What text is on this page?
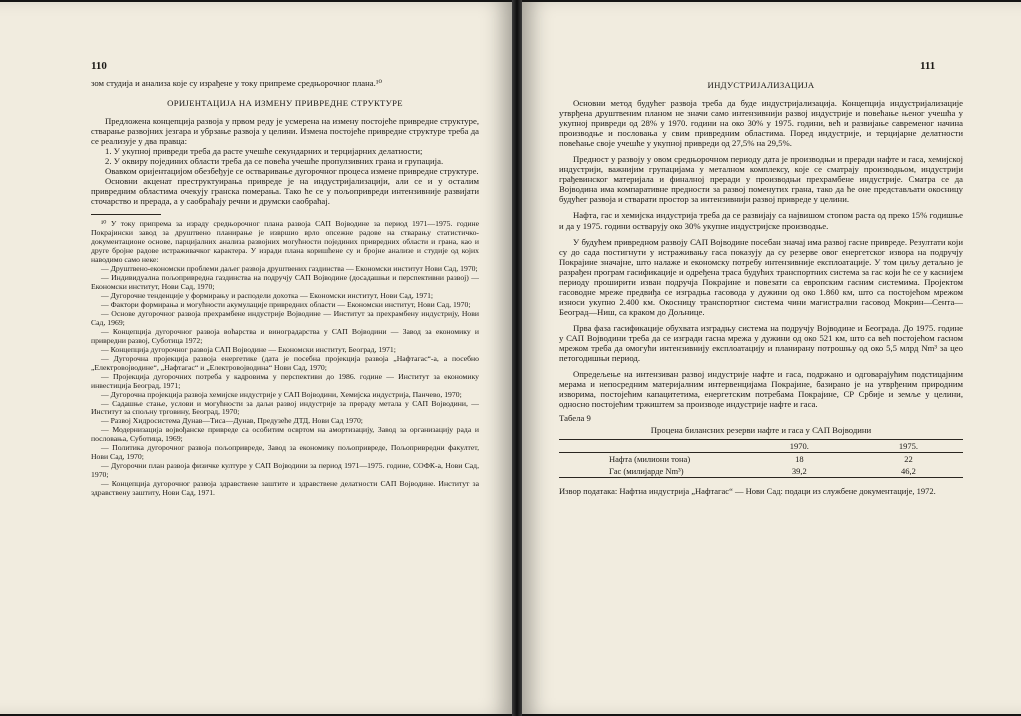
110

зом студија и анализа које су израђене у току припреме средњорочног плана.¹⁰

ОРИЈЕНТАЦИЈА НА ИЗМЕНУ ПРИВРЕДНЕ СТРУКТУРЕ

Предложена концепција развоја у првом реду је усмерена на измену постојеће привредне структуре, стварање развојних језгара и убрзање развоја у целини. Измена постојеће привредне структуре треба да се реализује у два правца:

1. У укупној привреди треба да расте учешће секундарних и терцијарних делатности;

2. У оквиру појединих области треба да се повећа учешће пропулзивних грана и групација.

Овавком оријентацијом обезбеђује се остваривање дугорочног процеса измене привредне структуре.

Основни акценат преструктуирања привреде је на индустријализацији, али се и у осталим привредним областима очекују гранска померања. Тако ће се у пољопривреди интензивније развијати сточарство и прерада, а у саобраћају речни и друмски саобраћај.

¹⁰ У току припрема за израду средњорочног плана развоја САП Војводине за период 1971—1975. године Покрајински завод за друштвено планирање је извршио врло опсежне радове на стварању статистичко-документационе основе, парцијалних анализа развојних могућности појединих привредних области и грана, као и друге бројне радове истраживачког карактера. У изради плана коришћене су и бројне анализе и студије од којих наводимо само неке:

— Друштвено-економски проблеми даљег развоја друштвених газдинства — Економски институт Нови Сад, 1970;

— Индивидуална пољопривредна газдинства на подручју САП Војводине (досадашњи и перспективни развој) — Економски институт, Нови Сад, 1970;

— Дугорочне тенденције у формирању и расподели дохотка — Економски институт, Нови Сад, 1971;

— Фактори формирања и могућности акумулације привредних области — Економски институт, Нови Сад, 1970;

— Основе дугорочног развоја прехрамбене индустрије Војводине — Институт за прехрамбену индустрију, Нови Сад, 1969;

— Концепција дугорочног развоја воћарства и виноградарства у САП Војводини — Завод за економику и привредни развој, Суботица 1972;

— Концепција дугорочног развоја САП Војводине — Економски институт, Београд, 1971;

— Дугорочна пројекција развоја енергетике (дата је посебна пројекција развоја „Нафтагас“-а, а посебно „Електровојводине“, „Нафтагас“ и „Електровојводина“ Нови Сад, 1970;

— Пројекција дугорочних потреба у кадровима у перспективи до 1986. године — Институт за економику инвестиција Београд, 1971;

— Дугорочна пројекција развоја хемијске индустрије у САП Војводини, Хемијска индустрија, Панчево, 1970;

— Садашње стање, услови и могућности за даљи развој индустрије за прераду метала у САП Војводини, — Институт за спољну трговину, Београд, 1970;

— Развој Хидросистема Дунав—Тиса—Дунав, Предузеће ДТД, Нови Сад 1970;

— Модернизација војвођанске привреде са особитим освртом на амортизацију, Завод за организацију рада и пословања, Суботица, 1969;

— Политика дугорочног развоја пољопривреде, Завод за економику пољопривреде, Пољопривредни факултет, Нови Сад, 1970;

— Дугорочни план развоја физичке културе у САП Војводини за период 1971—1975. године, СОФК-а, Нови Сад, 1970;

— Концепција дугорочног развоја здравствене заштите и здравствене делатности САП Војводине. Институт за здравствену заштиту, Нови Сад, 1971.

111
ИНДУСТРИЈАЛИЗАЦИЈА

Основни метод будућег развоја треба да буде индустријализација. Концепција индустријализације утврђена друштвеним планом не значи само интензивнији развој индустрије и повећање њеног учешћа у укупној привреди од 28% у 1970. години на око 30% у 1975. години, већ и развијање савременог начина производње и пословања у свим привредним областима. Поред индустрије, и терцијарне делатности повећање своје учешће у укупној привреди од 27,5% на 29,5%.

Предност у развоју у овом средњорочном периоду дата је производњи и преради нафте и гаса, хемијској индустрији, важнијим групацијама у металном комплексу, које се сматрају производњом, индустрији грађевинског материјала и финалној преради у производњи прехрамбене индустрије. Сматра се да Војводина има компаративне предности за развој поменутих грана, тако да ће оне представљати окосницу будућег развоја и стварати простор за интензивнији развој привреде у целини.

Нафта, гас и хемијска индустрија треба да се развијају са највишом стопом раста од преко 15% годишње и да у 1975. години остварују око 30% укупне индустријске производње.

У будућем привредном развоју САП Војводине посебан значај има развој гасне привреде. Резултати који су до сада постигнути у истраживању гаса показују да су резерве овог енергетског извора на подручју Покрајине значајне, што налаже и економску потребу интензивније експлоатације. У том циљу детаљно је разрађен програм гасификације и одређена траса будућих транспортних система за гас који ће се у каснијем периоду проширити изван подручја Покрајине и повезати са европским гасним системима. Пројектом гасоводне мреже предвиђа се изградња гасовода у дужини од око 1.860 км, што са постојећом мрежом износи укупно 2.400 км. Окосницу транспортног система чини магистрални гасовод Мокрин—Сента—Београд—Ниш, са краком до Дољнице.

Прва фаза гасификације обухвата изградњу система на подручју Војводине и Београда. До 1975. године у САП Војводини треба да се изгради гасна мрежа у дужини од око 521 км, што са већ постојећом гасном мрежом треба да омогући интензивнију експлоатацију и планирану потрошњу од око 5,5 млрд Nm³ за цео петогодишњи период.

Опредељење на интензиван развој индустрије нафте и гаса, подржано и одговарајућим подстицајним мерама и непосредним материјалним интервенцијама Покрајине, базирано је на утврђеним природним изворима, постојећим капацитетима, енергетским потребама Покрајине, СР Србије и земље у целини, односно постојећим тржиштем за производе индустрије нафте и гаса.

Табела 9
Процена билансних резерви нафте и гаса у САП Војводини
	1970.	1975.
Нафта (милиони тона)	18	22
Гас (милијарде Nm³)	39,2	46,2

Извор података: Нафтна индустрија „Нафтагас“ — Нови Сад: подаци из службене документације, 1972.
